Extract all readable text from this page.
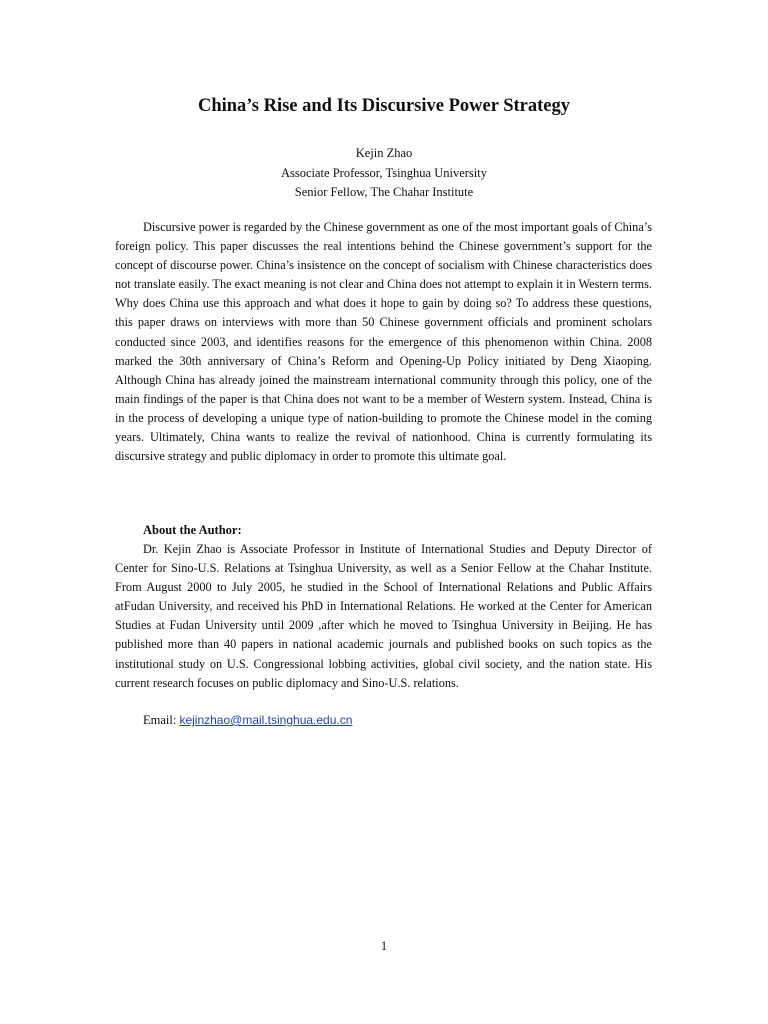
China’s Rise and Its Discursive Power Strategy
Kejin Zhao
Associate Professor, Tsinghua University
Senior Fellow, The Chahar Institute

Discursive power is regarded by the Chinese government as one of the most important goals of China’s foreign policy. This paper discusses the real intentions behind the Chinese government’s support for the concept of discourse power. China’s insistence on the concept of socialism with Chinese characteristics does not translate easily. The exact meaning is not clear and China does not attempt to explain it in Western terms. Why does China use this approach and what does it hope to gain by doing so? To address these questions, this paper draws on interviews with more than 50 Chinese government officials and prominent scholars conducted since 2003, and identifies reasons for the emergence of this phenomenon within China. 2008 marked the 30th anniversary of China’s Reform and Opening-Up Policy initiated by Deng Xiaoping. Although China has already joined the mainstream international community through this policy, one of the main findings of the paper is that China does not want to be a member of Western system. Instead, China is in the process of developing a unique type of nation-building to promote the Chinese model in the coming years. Ultimately, China wants to realize the revival of nationhood. China is currently formulating its discursive strategy and public diplomacy in order to promote this ultimate goal.

About the Author:

Dr. Kejin Zhao is Associate Professor in Institute of International Studies and Deputy Director of Center for Sino-U.S. Relations at Tsinghua University, as well as a Senior Fellow at the Chahar Institute. From August 2000 to July 2005, he studied in the School of International Relations and Public Affairs atFudan University, and received his PhD in International Relations. He worked at the Center for American Studies at Fudan University until 2009 ,after which he moved to Tsinghua University in Beijing. He has published more than 40 papers in national academic journals and published books on such topics as the institutional study on U.S. Congressional lobbing activities, global civil society, and the nation state. His current research focuses on public diplomacy and Sino-U.S. relations.

Email: kejinzhao@mail.tsinghua.edu.cn
1
